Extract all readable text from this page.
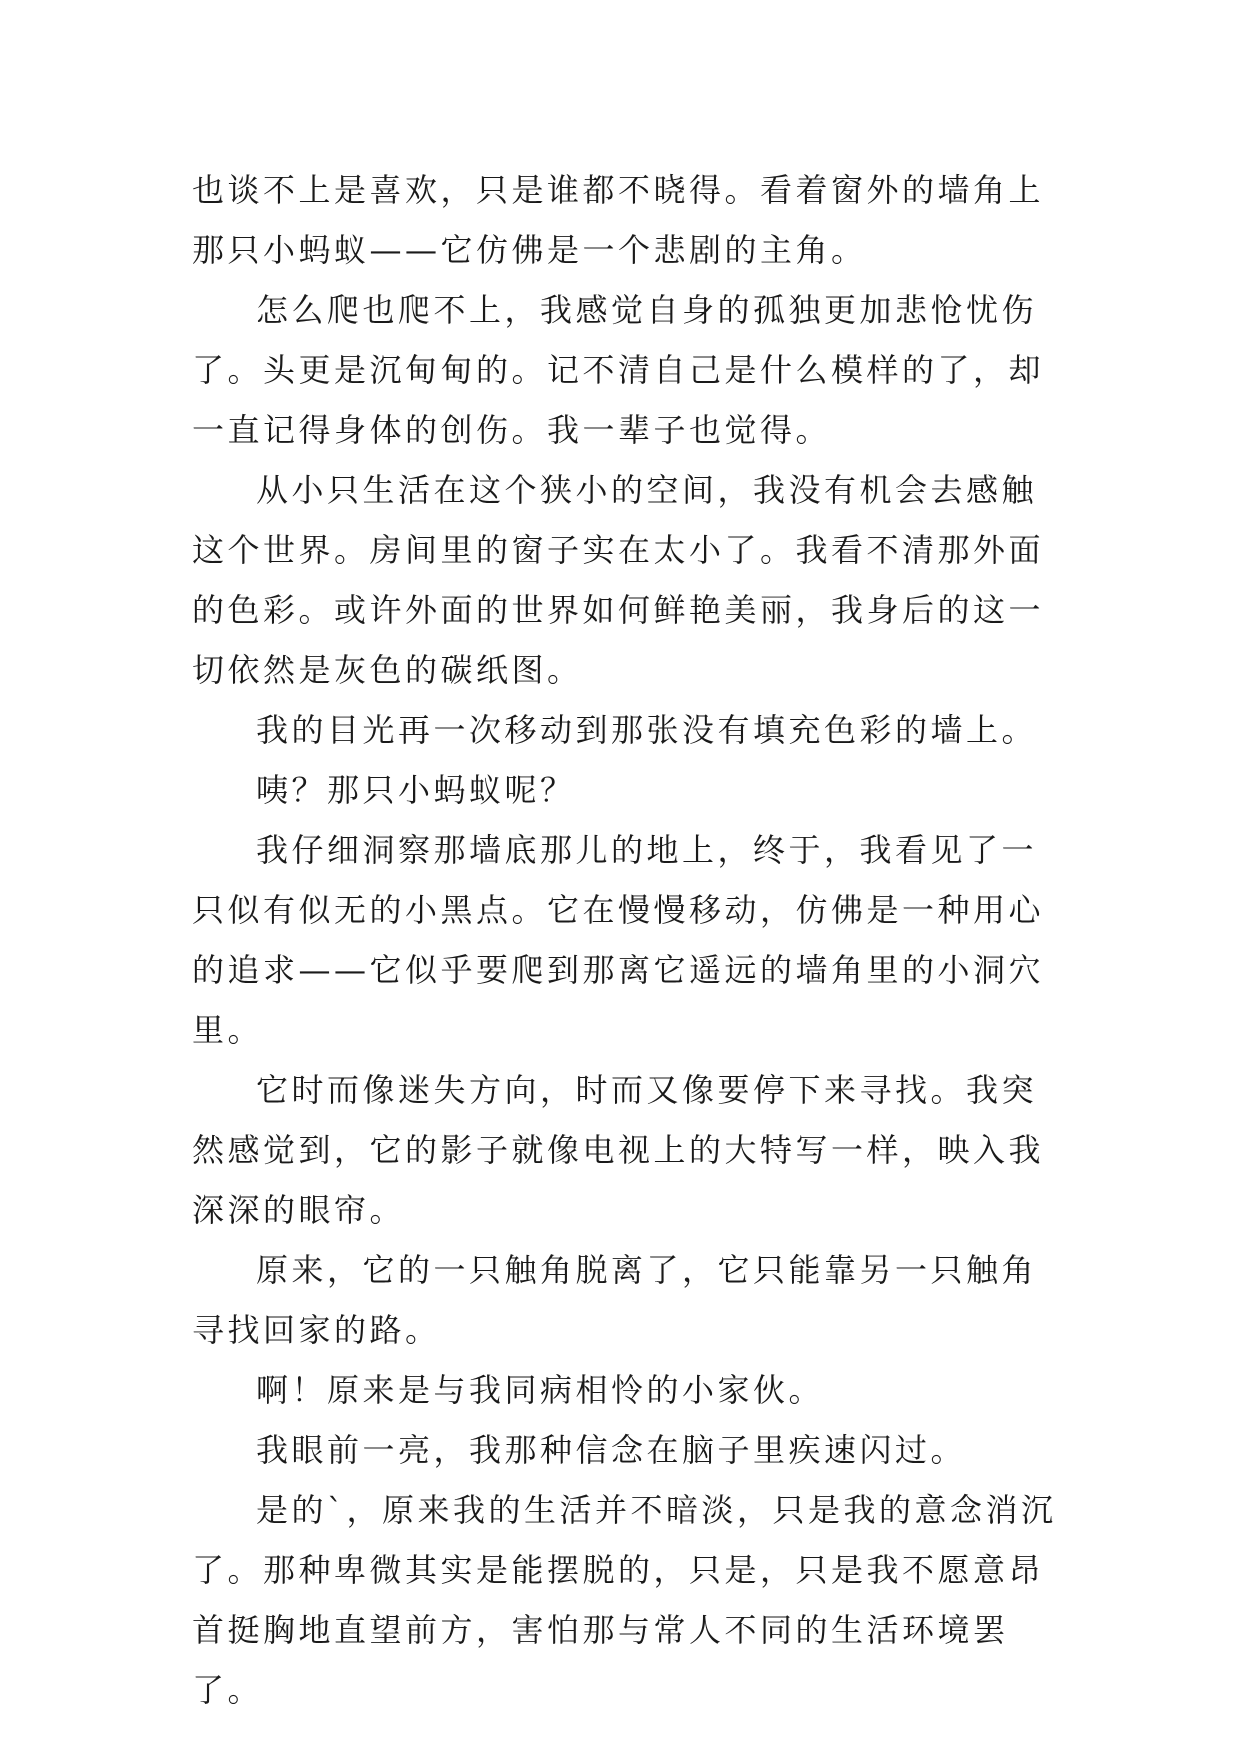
也谈不上是喜欢，只是谁都不晓得。看着窗外的墙角上那只小蚂蚁——它仿佛是一个悲剧的主角。

怎么爬也爬不上，我感觉自身的孤独更加悲怆忧伤了。头更是沉甸甸的。记不清自己是什么模样的了，却一直记得身体的创伤。我一辈子也觉得。

从小只生活在这个狭小的空间，我没有机会去感触这个世界。房间里的窗子实在太小了。我看不清那外面的色彩。或许外面的世界如何鲜艳美丽，我身后的这一切依然是灰色的碳纸图。

我的目光再一次移动到那张没有填充色彩的墙上。

咦？那只小蚂蚁呢？

我仔细洞察那墙底那儿的地上，终于，我看见了一只似有似无的小黑点。它在慢慢移动，仿佛是一种用心的追求——它似乎要爬到那离它遥远的墙角里的小洞穴里。

它时而像迷失方向，时而又像要停下来寻找。我突然感觉到，它的影子就像电视上的大特写一样，映入我深深的眼帘。

原来，它的一只触角脱离了，它只能靠另一只触角寻找回家的路。

啊！原来是与我同病相怜的小家伙。

我眼前一亮，我那种信念在脑子里疾速闪过。

是的`，原来我的生活并不暗淡，只是我的意念消沉了。那种卑微其实是能摆脱的，只是，只是我不愿意昂首挺胸地直望前方，害怕那与常人不同的生活环境罢了。
